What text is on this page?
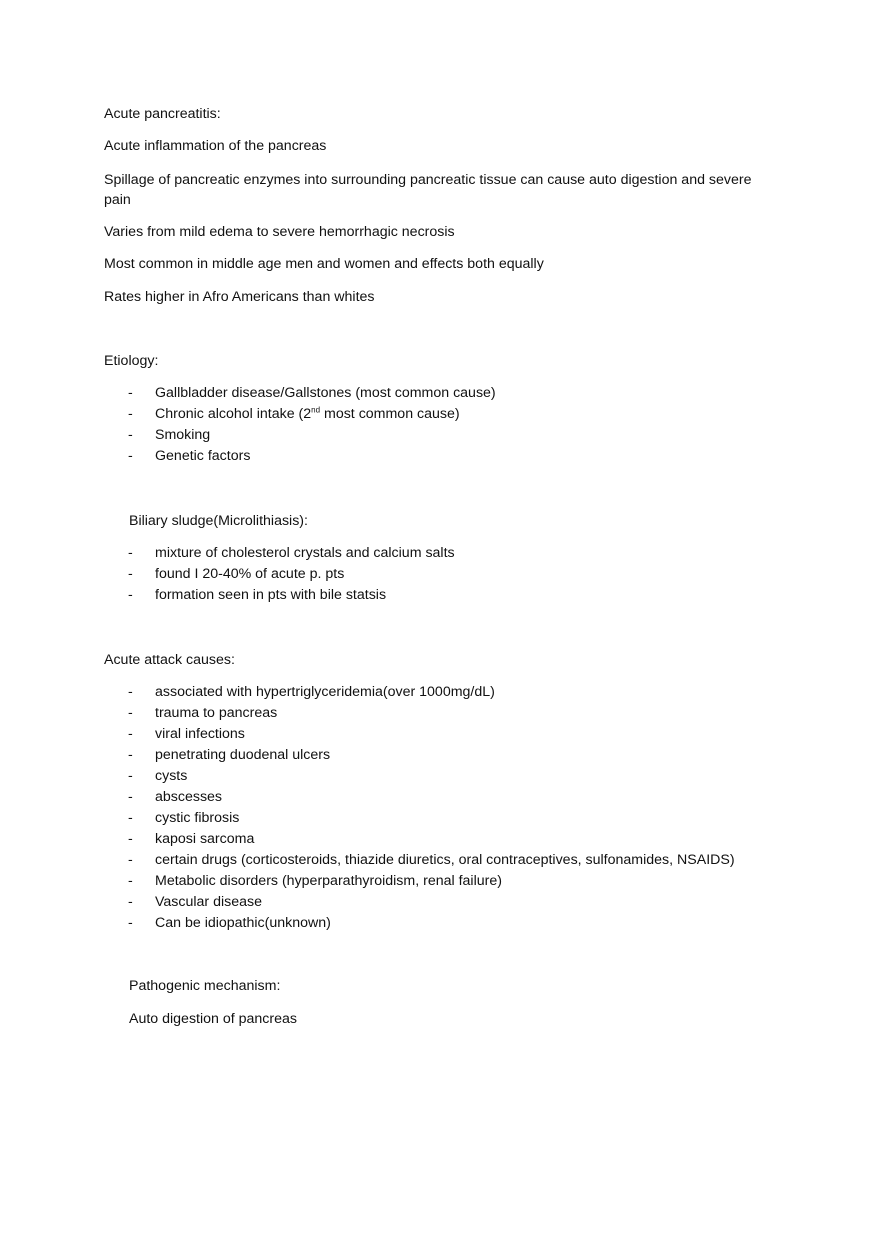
Acute pancreatitis:

Acute inflammation of the pancreas

Spillage of pancreatic enzymes into surrounding pancreatic tissue can cause auto digestion and severe pain

Varies from mild edema to severe hemorrhagic necrosis

Most common in middle age men and women and effects both equally

Rates higher in Afro Americans than whites

Etiology:

- Gallbladder disease/Gallstones (most common cause)
- Chronic alcohol intake (2nd most common cause)
- Smoking
- Genetic factors

Biliary sludge(Microlithiasis):

- mixture of cholesterol crystals and calcium salts
- found I 20-40% of acute p. pts
- formation seen in pts with bile statsis

Acute attack causes:

- associated with hypertriglyceridemia(over 1000mg/dL)
- trauma to pancreas
- viral infections
- penetrating duodenal ulcers
- cysts
- abscesses
- cystic fibrosis
- kaposi sarcoma
- certain drugs (corticosteroids, thiazide diuretics, oral contraceptives, sulfonamides, NSAIDS)
- Metabolic disorders (hyperparathyroidism, renal failure)
- Vascular disease
- Can be idiopathic(unknown)

Pathogenic mechanism:

Auto digestion of pancreas
